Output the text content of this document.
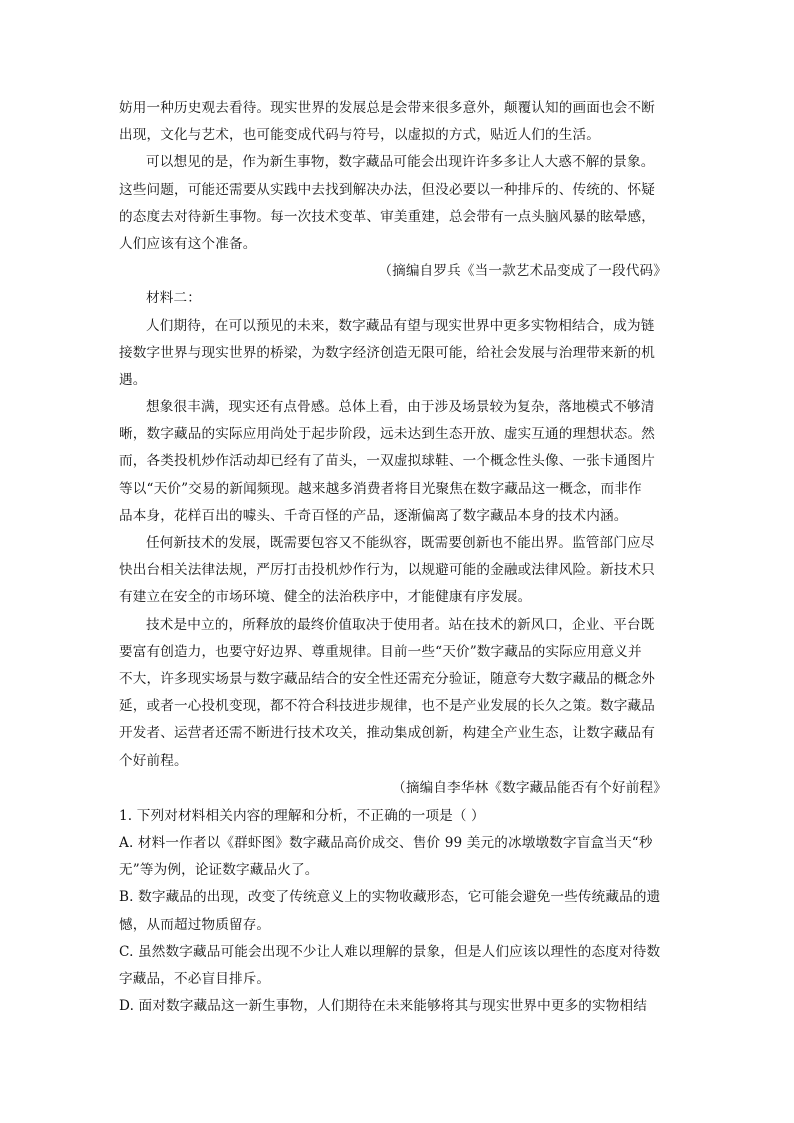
妨用一种历史观去看待。现实世界的发展总是会带来很多意外，颠覆认知的画面也会不断
出现，文化与艺术，也可能变成代码与符号，以虚拟的方式，贴近人们的生活。
可以想见的是，作为新生事物，数字藏品可能会出现许许多多让人大惑不解的景象。
这些问题，可能还需要从实践中去找到解决办法，但没必要以一种排斥的、传统的、怀疑
的态度去对待新生事物。每一次技术变革、审美重建，总会带有一点头脑风暴的眩晕感，
人们应该有这个准备。
（摘编自罗兵《当一款艺术品变成了一段代码》
材料二：
人们期待，在可以预见的未来，数字藏品有望与现实世界中更多实物相结合，成为链
接数字世界与现实世界的桥梁，为数字经济创造无限可能，给社会发展与治理带来新的机
遇。
想象很丰满，现实还有点骨感。总体上看，由于涉及场景较为复杂，落地模式不够清
晰，数字藏品的实际应用尚处于起步阶段，远未达到生态开放、虚实互通的理想状态。然
而，各类投机炒作活动却已经有了苗头，一双虚拟球鞋、一个概念性头像、一张卡通图片
等以“天价”交易的新闻频现。越来越多消费者将目光聚焦在数字藏品这一概念，而非作
品本身，花样百出的噱头、千奇百怪的产品，逐渐偏离了数字藏品本身的技术内涵。
任何新技术的发展，既需要包容又不能纵容，既需要创新也不能出界。监管部门应尽
快出台相关法律法规，严厉打击投机炒作行为，以规避可能的金融或法律风险。新技术只
有建立在安全的市场环境、健全的法治秩序中，才能健康有序发展。
技术是中立的，所释放的最终价值取决于使用者。站在技术的新风口，企业、平台既
要富有创造力，也要守好边界、尊重规律。目前一些“天价”数字藏品的实际应用意义并
不大，许多现实场景与数字藏品结合的安全性还需充分验证，随意夸大数字藏品的概念外
延，或者一心投机变现，都不符合科技进步规律，也不是产业发展的长久之策。数字藏品
开发者、运营者还需不断进行技术攻关，推动集成创新，构建全产业生态，让数字藏品有
个好前程。
（摘编自李华林《数字藏品能否有个好前程》
1. 下列对材料相关内容的理解和分析，不正确的一项是（ ）
A. 材料一作者以《群虾图》数字藏品高价成交、售价 99 美元的冰墩墩数字盲盒当天“秒
无”等为例，论证数字藏品火了。
B. 数字藏品的出现，改变了传统意义上的实物收藏形态，它可能会避免一些传统藏品的遗
憾，从而超过物质留存。
C. 虽然数字藏品可能会出现不少让人难以理解的景象，但是人们应该以理性的态度对待数
字藏品，不必盲目排斥。
D. 面对数字藏品这一新生事物，人们期待在未来能够将其与现实世界中更多的实物相结
